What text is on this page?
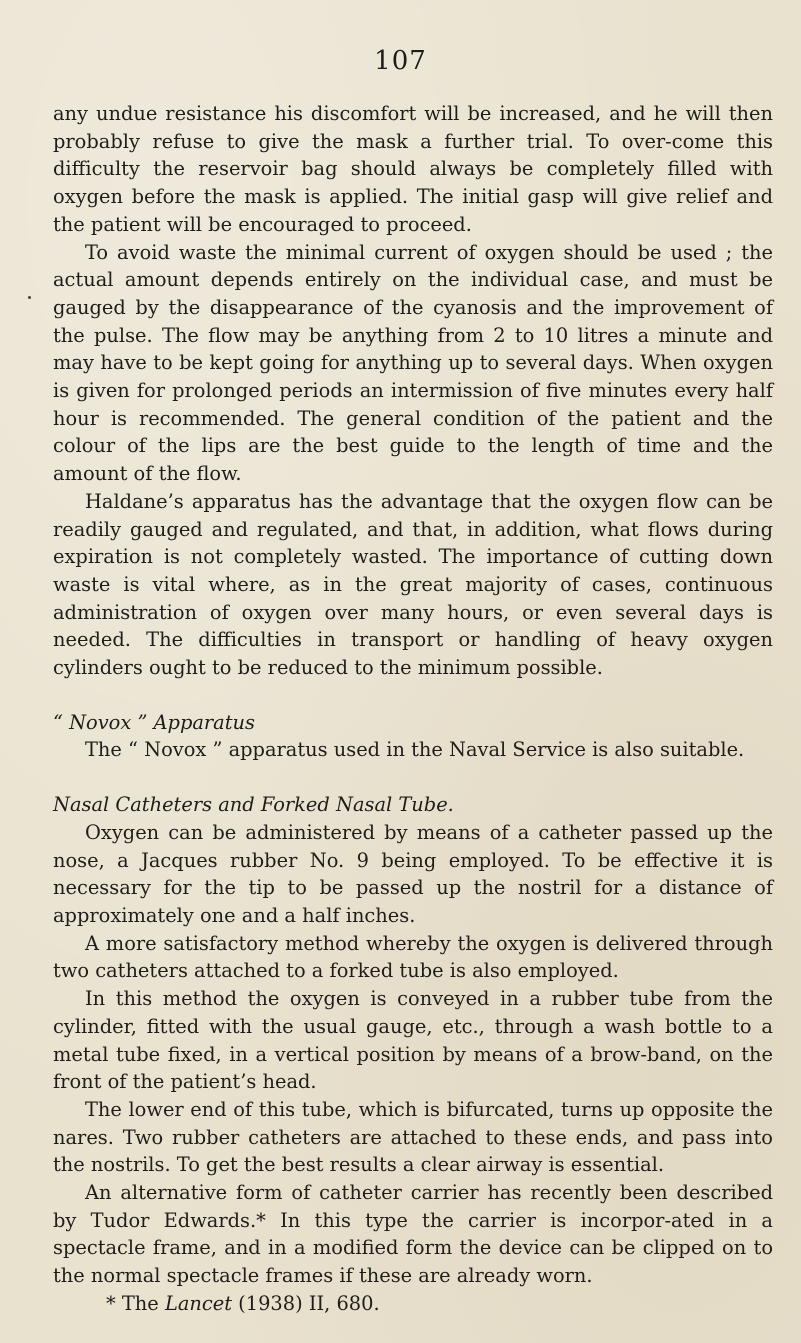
107

any undue resistance his discomfort will be increased, and he will then probably refuse to give the mask a further trial. To over-come this difficulty the reservoir bag should always be completely filled with oxygen before the mask is applied. The initial gasp will give relief and the patient will be encouraged to proceed.

To avoid waste the minimal current of oxygen should be used ; the actual amount depends entirely on the individual case, and must be gauged by the disappearance of the cyanosis and the improvement of the pulse. The flow may be anything from 2 to 10 litres a minute and may have to be kept going for anything up to several days. When oxygen is given for prolonged periods an intermission of five minutes every half hour is recommended. The general condition of the patient and the colour of the lips are the best guide to the length of time and the amount of the flow.

Haldane’s apparatus has the advantage that the oxygen flow can be readily gauged and regulated, and that, in addition, what flows during expiration is not completely wasted. The importance of cutting down waste is vital where, as in the great majority of cases, continuous administration of oxygen over many hours, or even several days is needed. The difficulties in transport or handling of heavy oxygen cylinders ought to be reduced to the minimum possible.

“ Novox ” Apparatus

The “ Novox ” apparatus used in the Naval Service is also suitable.

Nasal Catheters and Forked Nasal Tube.

Oxygen can be administered by means of a catheter passed up the nose, a Jacques rubber No. 9 being employed. To be effective it is necessary for the tip to be passed up the nostril for a distance of approximately one and a half inches.

A more satisfactory method whereby the oxygen is delivered through two catheters attached to a forked tube is also employed.

In this method the oxygen is conveyed in a rubber tube from the cylinder, fitted with the usual gauge, etc., through a wash bottle to a metal tube fixed, in a vertical position by means of a brow-band, on the front of the patient’s head.

The lower end of this tube, which is bifurcated, turns up opposite the nares. Two rubber catheters are attached to these ends, and pass into the nostrils. To get the best results a clear airway is essential.

An alternative form of catheter carrier has recently been described by Tudor Edwards.* In this type the carrier is incorpor-ated in a spectacle frame, and in a modified form the device can be clipped on to the normal spectacle frames if these are already worn.

* The Lancet (1938) II, 680.
